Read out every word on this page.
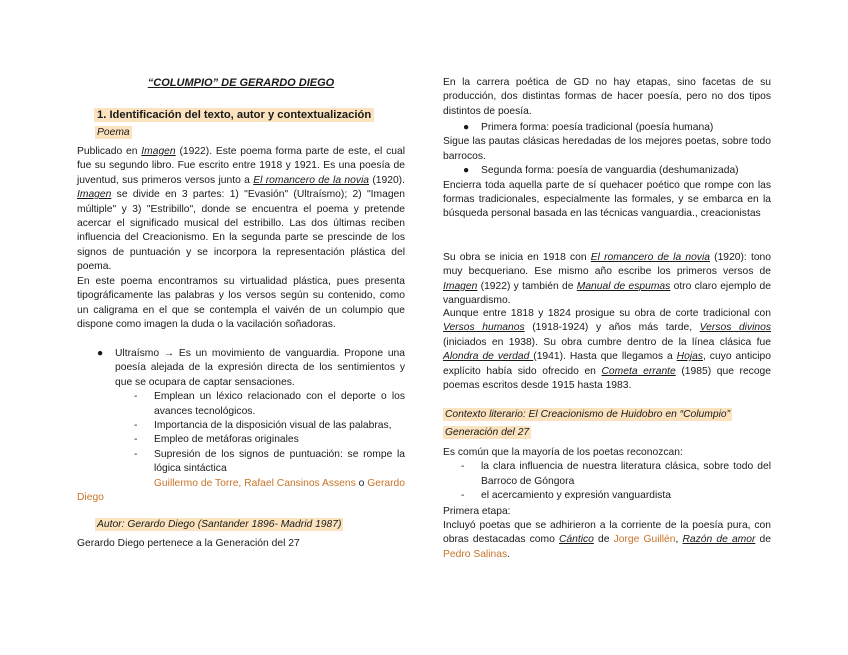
“COLUMPIO” DE GERARDO DIEGO
1. Identificación del texto, autor y contextualización
Poema

Publicado en Imagen (1922). Este poema forma parte de este, el cual fue su segundo libro. Fue escrito entre 1918 y 1921. Es una poesía de juventud, sus primeros versos junto a El romancero de la novia (1920). Imagen se divide en 3 partes: 1) "Evasión" (Ultraísmo); 2) "Imagen múltiple" y 3) "Estribillo", donde se encuentra el poema y pretende acercar el significado musical del estribillo. Las dos últimas reciben influencia del Creacionismo. En la segunda parte se prescinde de los signos de puntuación y se incorpora la representación plástica del poema.

En este poema encontramos su virtualidad plástica, pues presenta tipográficamente las palabras y los versos según su contenido, como un caligrama en el que se contempla el vaivén de un columpio que dispone como imagen la duda o la vacilación soñadoras.

● Ultraísmo → Es un movimiento de vanguardia. Propone una poesía alejada de la expresión directa de los sentimientos y que se ocupara de captar sensaciones.
- Emplean un léxico relacionado con el deporte o los avances tecnológicos.
- Importancia de la disposición visual de las palabras,
- Empleo de metáforas originales
- Supresión de los signos de puntuación: se rompe la lógica sintáctica
Guillermo de Torre, Rafael Cansinos Assens o Gerardo
Diego
Autor: Gerardo Diego (Santander 1896- Madrid 1987)
Gerardo Diego pertenece a la Generación del 27

En la carrera poética de GD no hay etapas, sino facetas de su producción, dos distintas formas de hacer poesía, pero no dos tipos distintos de poesía.

● Primera forma: poesía tradicional (poesía humana)

Sigue las pautas clásicas heredadas de los mejores poetas, sobre todo barrocos.

● Segunda forma: poesía de vanguardia (deshumanizada)

Encierra toda aquella parte de sí quehacer poético que rompe con las formas tradicionales, especialmente las formales, y se embarca en la búsqueda personal basada en las técnicas vanguardia., creacionistas

Su obra se inicia en 1918 con El romancero de la novia (1920): tono muy becqueriano. Ese mismo año escribe los primeros versos de Imagen (1922) y también de Manual de espumas otro claro ejemplo de vanguardismo.

Aunque entre 1818 y 1824 prosigue su obra de corte tradicional con Versos humanos (1918-1924) y años más tarde, Versos divinos (iniciados en 1938). Su obra cumbre dentro de la línea clásica fue Alondra de verdad (1941). Hasta que llegamos a Hojas, cuyo anticipo explícito había sido ofrecido en Cometa errante (1985) que recoge poemas escritos desde 1915 hasta 1983.

Contexto literario: El Creacionismo de Huidobro en “Columpio”
Generación del 27
Es común que la mayoría de los poetas reconozcan:
- la clara influencia de nuestra literatura clásica, sobre todo del Barroco de Góngora
- el acercamiento y expresión vanguardista
Primera etapa:

Incluyó poetas que se adhirieron a la corriente de la poesía pura, con obras destacadas como Cántico de Jorge Guillén, Razón de amor de Pedro Salinas.
